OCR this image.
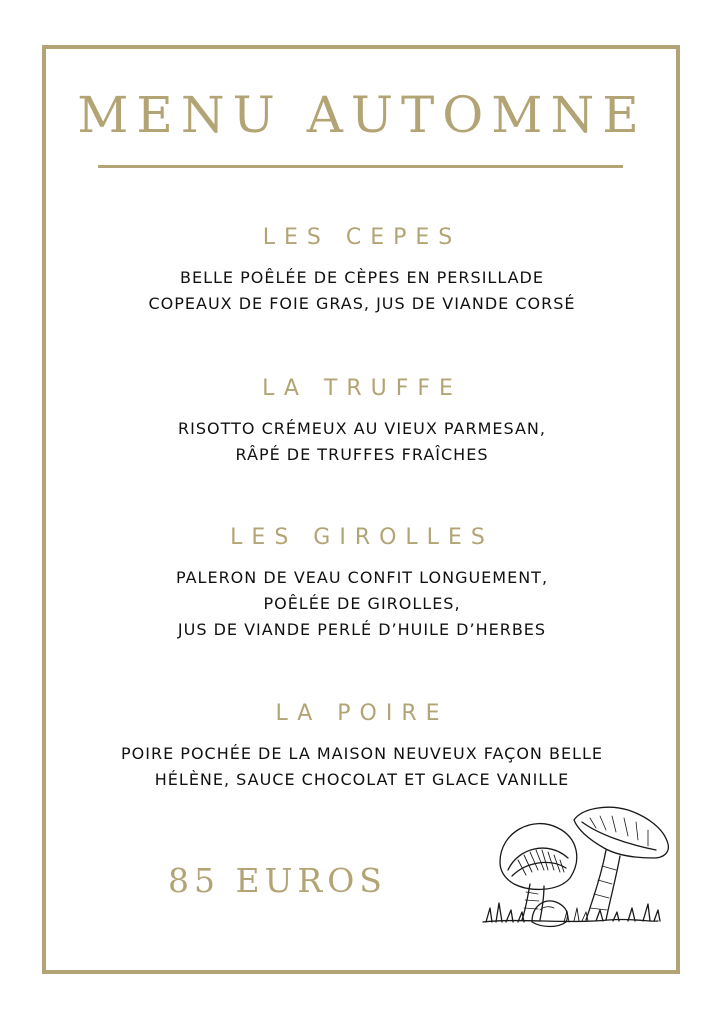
MENU AUTOMNE
LES CEPES

BELLE POÊLÉE DE CÈPES EN PERSILLADE
COPEAUX DE FOIE GRAS, JUS DE VIANDE CORSÉ

LA TRUFFE

RISOTTO CRÉMEUX AU VIEUX PARMESAN,
RÂPÉ DE TRUFFES FRAÎCHES

LES GIROLLES

PALERON DE VEAU CONFIT LONGUEMENT,
POÊLÉE DE GIROLLES,
JUS DE VIANDE PERLÉ D’HUILE D’HERBES

LA POIRE

POIRE POCHÉE DE LA MAISON NEUVEUX FAÇON BELLE
HÉLÈNE, SAUCE CHOCOLAT ET GLACE VANILLE

85 EUROS
